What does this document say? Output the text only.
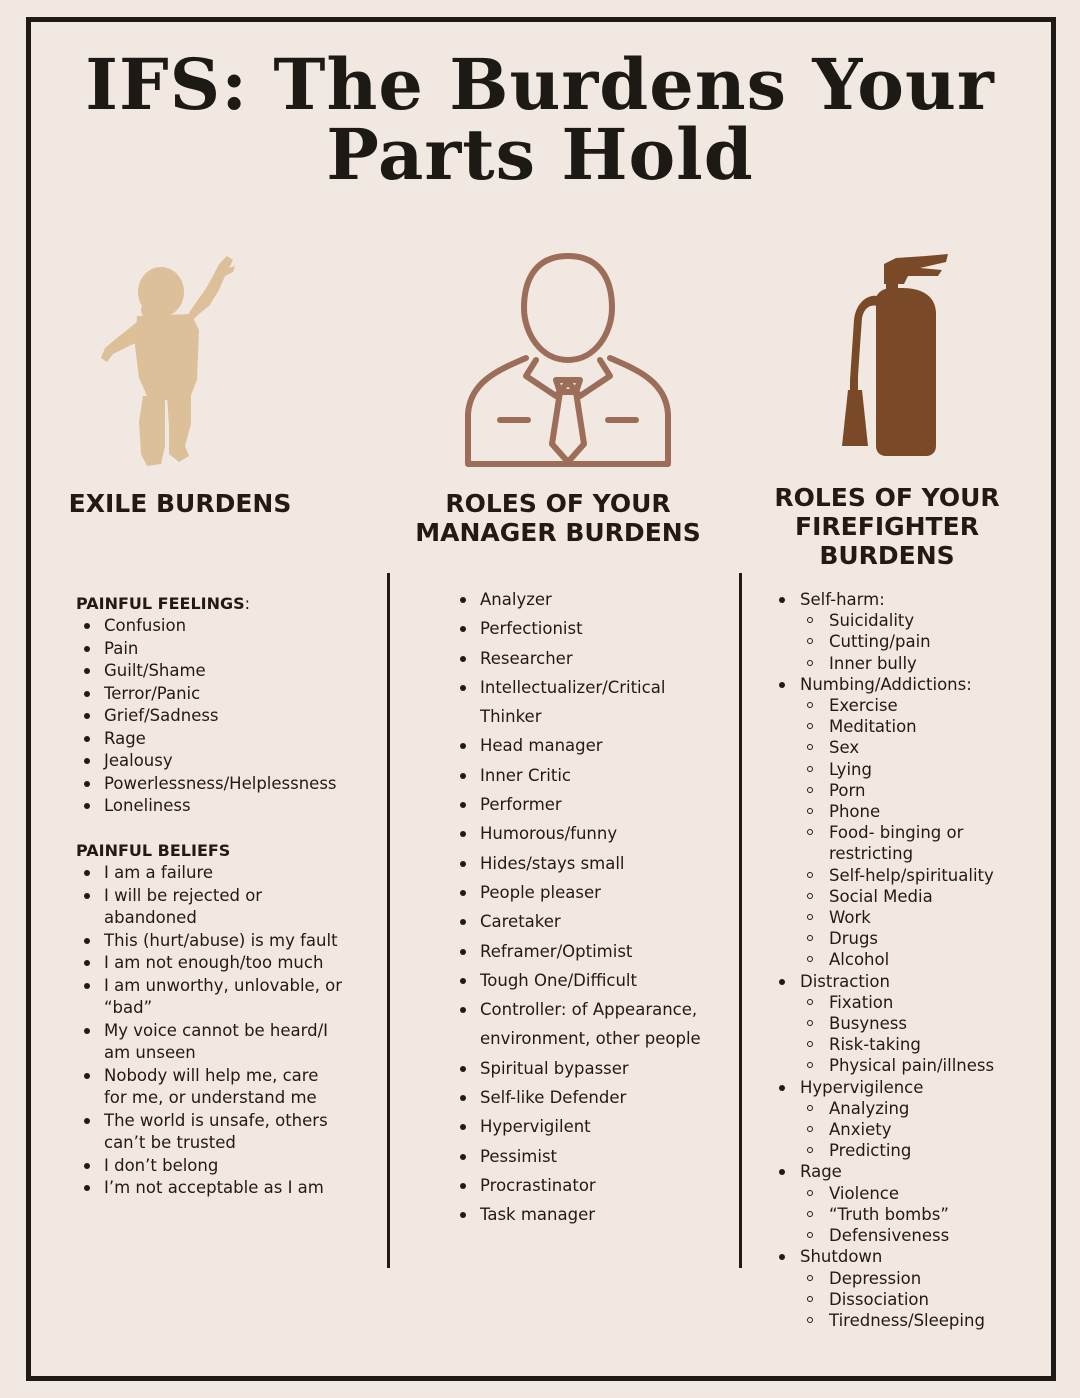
IFS: The Burdens Your
Parts Hold
EXILE BURDENS	ROLES OF YOUR
MANAGER BURDENS
ROLES OF YOUR
FIREFIGHTER
BURDENS
PAINFUL FEELINGS:
Confusion
Pain
Guilt/Shame
Terror/Panic
Grief/Sadness
Rage
Jealousy
Powerlessness/Helplessness
Loneliness
PAINFUL BELIEFS
I am a failure
I will be rejected or abandoned
This (hurt/abuse) is my fault
I am not enough/too much
I am unworthy, unlovable, or “bad”
My voice cannot be heard/I am unseen
Nobody will help me, care for me, or understand me
The world is unsafe, others can’t be trusted
I don’t belong
I’m not acceptable as I am
Analyzer
Perfectionist
Researcher
Intellectualizer/Critical Thinker
Head manager
Inner Critic
Performer
Humorous/funny
Hides/stays small
People pleaser
Caretaker
Reframer/Optimist
Tough One/Difficult
Controller: of Appearance, environment, other people
Spiritual bypasser
Self-like Defender
Hypervigilent
Pessimist
Procrastinator
Task manager
Self-harm:
Suicidality
Cutting/pain
Inner bully
Numbing/Addictions:
Exercise
Meditation
Sex
Lying
Porn
Phone
Food- binging or restricting
Self-help/spirituality
Social Media
Work
Drugs
Alcohol
Distraction
Fixation
Busyness
Risk-taking
Physical pain/illness
Hypervigilence
Analyzing
Anxiety
Predicting
Rage
Violence
“Truth bombs”
Defensiveness
Shutdown
Depression
Dissociation
Tiredness/Sleeping
